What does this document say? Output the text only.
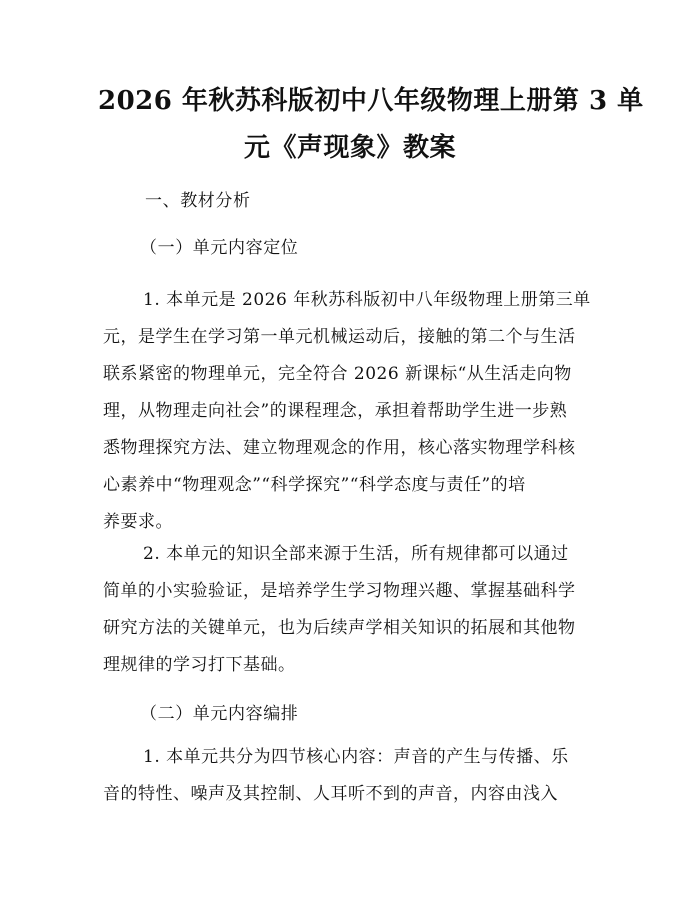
2026 年秋苏科版初中八年级物理上册第 3 单
元《声现象》教案
一、教材分析
（一）单元内容定位
1. 本单元是 2026 年秋苏科版初中八年级物理上册第三单
元，是学生在学习第一单元机械运动后，接触的第二个与生活
联系紧密的物理单元，完全符合 2026 新课标“从生活走向物
理，从物理走向社会”的课程理念，承担着帮助学生进一步熟
悉物理探究方法、建立物理观念的作用，核心落实物理学科核
心素养中“物理观念”“科学探究”“科学态度与责任”的培
养要求。
2. 本单元的知识全部来源于生活，所有规律都可以通过
简单的小实验验证，是培养学生学习物理兴趣、掌握基础科学
研究方法的关键单元，也为后续声学相关知识的拓展和其他物
理规律的学习打下基础。
（二）单元内容编排
1. 本单元共分为四节核心内容：声音的产生与传播、乐
音的特性、噪声及其控制、人耳听不到的声音，内容由浅入
